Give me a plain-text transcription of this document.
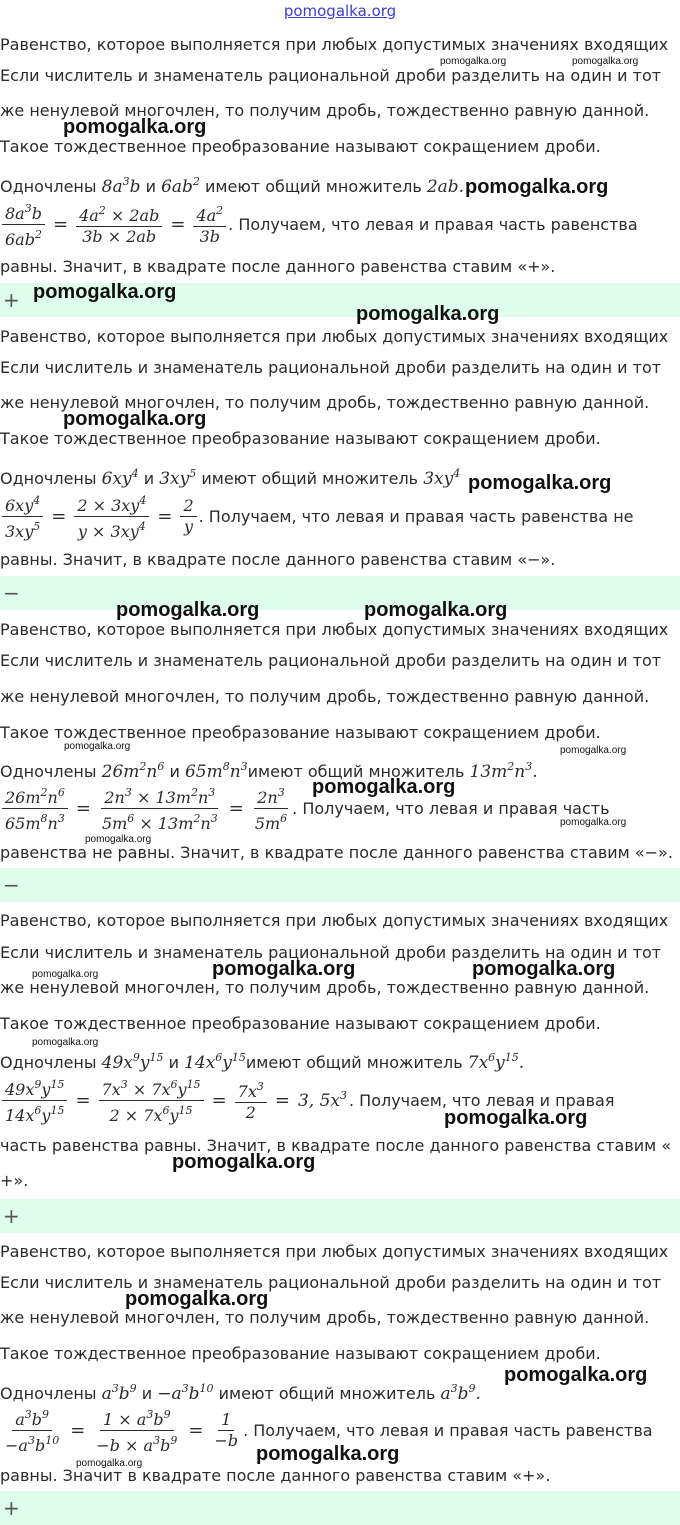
pomogalka.org
Равенство, которое выполняется при любых допустимых значениях входящих
Если числитель и знаменатель рациональной дроби разделить на один и тот
же ненулевой многочлен, то получим дробь, тождественно равную данной.
Такое тождественное преобразование называют сокращением дроби.
Одночлены $8a^3b$ и $6ab^2$ имеют общий множитель 2ab.
$\frac{8a^3b}{6ab^2} = \frac{4a^2 \times 2ab}{3b \times 2ab} = \frac{4a^2}{3b}$ . Получаем, что левая и правая часть равенства
равны. Значит, в квадрате после данного равенства ставим «+».
+
Равенство, которое выполняется при любых допустимых значениях входящих
Если числитель и знаменатель рациональной дроби разделить на один и тот
же ненулевой многочлен, то получим дробь, тождественно равную данной.
Такое тождественное преобразование называют сокращением дроби.
Одночлены $6xy^4$ и $3xy^5$ имеют общий множитель $3xy^4$
$\frac{6xy^4}{3xy^5} = \frac{2 \times 3xy^4}{y \times 3xy^4} = \frac{2}{y}$ . Получаем, что левая и правая часть равенства не
равны. Значит, в квадрате после данного равенства ставим «−».
−
Равенство, которое выполняется при любых допустимых значениях входящих
Если числитель и знаменатель рациональной дроби разделить на один и тот
же ненулевой многочлен, то получим дробь, тождественно равную данной.
Такое тождественное преобразование называют сокращением дроби.
Одночлены $26m^2n^6$ и $65m^8n^3имеют$ общий множитель $13m^2n^3$.
$\frac{26m^2n^6}{65m^8n^3} = \frac{2n^3 \times 13m^2n^3}{5m^6 \times 13m^2n^3} = \frac{2n^3}{5m^6}$ . Получаем, что левая и правая часть
равенства не равны. Значит, в квадрате после данного равенства ставим «−».
−
Равенство, которое выполняется при любых допустимых значениях входящих
Если числитель и знаменатель рациональной дроби разделить на один и тот
же ненулевой многочлен, то получим дробь, тождественно равную данной.
Такое тождественное преобразование называют сокращением дроби.
Одночлены $49x^9y^{15}$ и $14x^6y^{15}имеют$ общий множитель $7x^6y^{15}$.
$\frac{49x^9y^{15}}{14x^6y^{15}} = \frac{7x^3 \times 7x^6y^{15}}{2 \times 7x^6y^{15}} = \frac{7x^3}{2} = 3$, $5x^3$ . Получаем, что левая и правая
часть равенства равны. Значит, в квадрате после данного равенства ставим «
+».
+
Равенство, которое выполняется при любых допустимых значениях входящих
Если числитель и знаменатель рациональной дроби разделить на один и тот
же ненулевой многочлен, то получим дробь, тождественно равную данной.
Такое тождественное преобразование называют сокращением дроби.
Одночлены $a^3b^9$ $и -a^3b^{10}$ имеют общий множитель $a^3b^9$.
$\frac{a^3b^9}{-a^3b^{10}} = \frac{1 \times a^3b^9}{-b \times a^3b^9} = \frac{1}{-b}$ . Получаем, что левая и правая часть равенства
равны. Значит в квадрате после данного равенства ставим «+».
+
pomogalka.org	pomogalka.org
pomogalka.org
pomogalka.org
pomogalka.org
pomogalka.org
pomogalka.org
pomogalka.org
pomogalka.org	pomogalka.org
pomogalka.org	pomogalka.org
pomogalka.org
pomogalka.org
pomogalka.org
pomogalka.org	pomogalka.org
pomogalka.org
pomogalka.org
pomogalka.org
pomogalka.org
pomogalka.org
pomogalka.org
pomogalka.org
pomogalka.org
